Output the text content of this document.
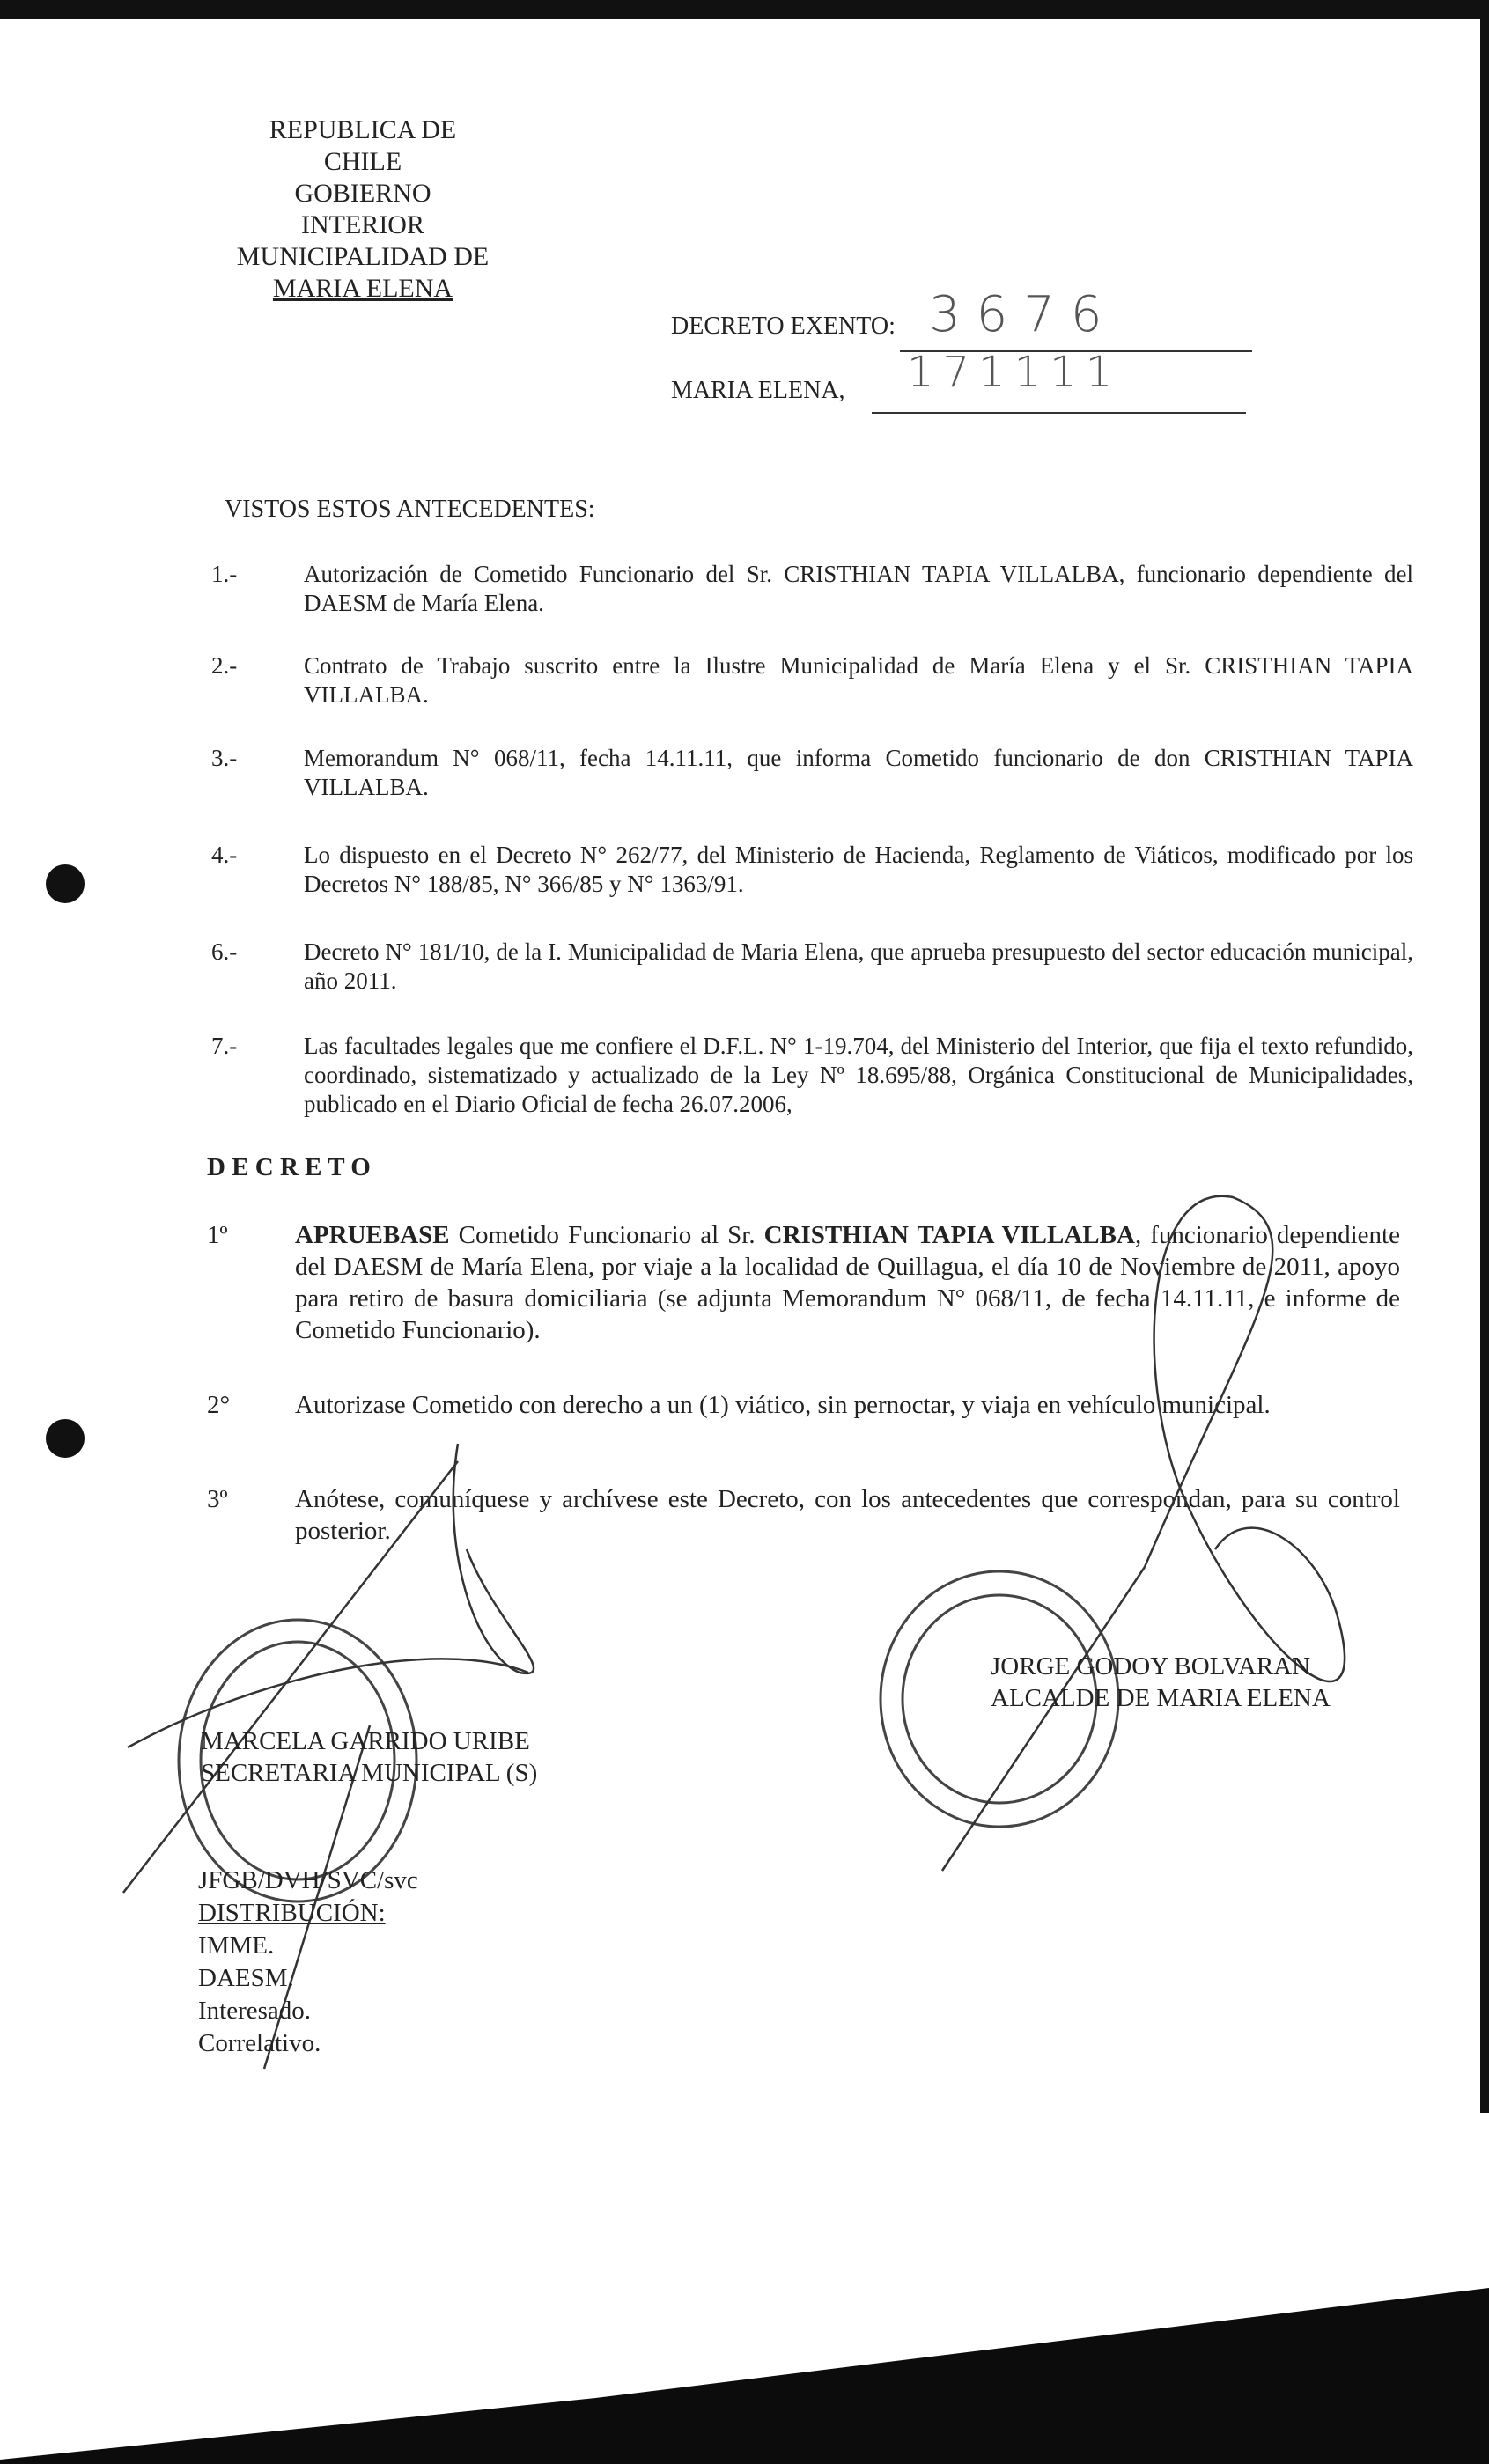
REPUBLICA DE CHILE
GOBIERNO INTERIOR
MUNICIPALIDAD DE
MARIA ELENA
DECRETO EXENTO: 3676
MARIA ELENA, 171111
VISTOS ESTOS ANTECEDENTES:
1.-	Autorización de Cometido Funcionario del Sr. CRISTHIAN TAPIA VILLALBA, funcionario dependiente del DAESM de María Elena.
2.-	Contrato de Trabajo suscrito entre la Ilustre Municipalidad de María Elena y el Sr. CRISTHIAN TAPIA VILLALBA.
3.-	Memorandum N° 068/11, fecha 14.11.11, que informa Cometido funcionario de don CRISTHIAN TAPIA VILLALBA.
4.-	Lo dispuesto en el Decreto N° 262/77, del Ministerio de Hacienda, Reglamento de Viáticos, modificado por los Decretos N° 188/85, N° 366/85 y N° 1363/91.
6.-	Decreto N° 181/10, de la I. Municipalidad de Maria Elena, que aprueba presupuesto del sector educación municipal, año 2011.
7.-	Las facultades legales que me confiere el D.F.L. N° 1-19.704, del Ministerio del Interior, que fija el texto refundido, coordinado, sistematizado y actualizado de la Ley Nº 18.695/88, Orgánica Constitucional de Municipalidades, publicado en el Diario Oficial de fecha 26.07.2006,
D E C R E T O
1º	APRUEBASE Cometido Funcionario al Sr. CRISTHIAN TAPIA VILLALBA, funcionario dependiente del DAESM de María Elena, por viaje a la localidad de Quillagua, el día 10 de Noviembre de 2011, apoyo para retiro de basura domiciliaria (se adjunta Memorandum N° 068/11, de fecha 14.11.11, e informe de Cometido Funcionario).
2°	Autorizase Cometido con derecho a un (1) viático, sin pernoctar, y viaja en vehículo municipal.
3º	Anótese, comuníquese y archívese este Decreto, con los antecedentes que correspondan, para su control posterior.
MARCELA GARRIDO URIBE
SECRETARIA MUNICIPAL (S)
JORGE GODOY BOLVARAN
ALCALDE DE MARIA ELENA
JFGB/DVH/SVC/svc
DISTRIBUCIÓN:
IMME.
DAESM.
Interesado.
Correlativo.
